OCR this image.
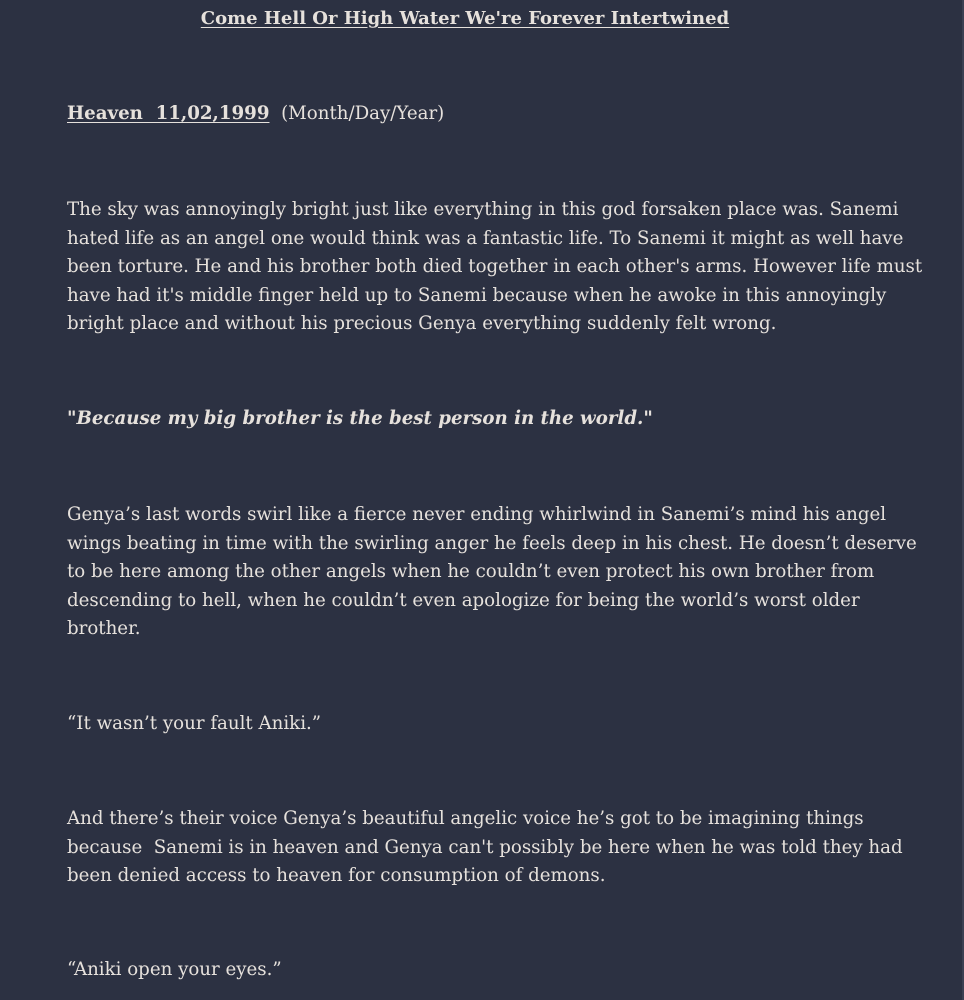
Come Hell Or High Water We're Forever Intertwined

Heaven  11,02,1999 (Month/Day/Year)

The sky was annoyingly bright just like everything in this god forsaken place was. Sanemi
hated life as an angel one would think was a fantastic life. To Sanemi it might as well have
been torture. He and his brother both died together in each other's arms. However life must
have had it's middle finger held up to Sanemi because when he awoke in this annoyingly
bright place and without his precious Genya everything suddenly felt wrong.

"Because my big brother is the best person in the world."

Genya’s last words swirl like a fierce never ending whirlwind in Sanemi’s mind his angel
wings beating in time with the swirling anger he feels deep in his chest. He doesn’t deserve
to be here among the other angels when he couldn’t even protect his own brother from
descending to hell, when he couldn’t even apologize for being the world’s worst older
brother.

“It wasn’t your fault Aniki.”

And there’s their voice Genya’s beautiful angelic voice he’s got to be imagining things
because  Sanemi is in heaven and Genya can't possibly be here when he was told they had
been denied access to heaven for consumption of demons.

“Aniki open your eyes.”
